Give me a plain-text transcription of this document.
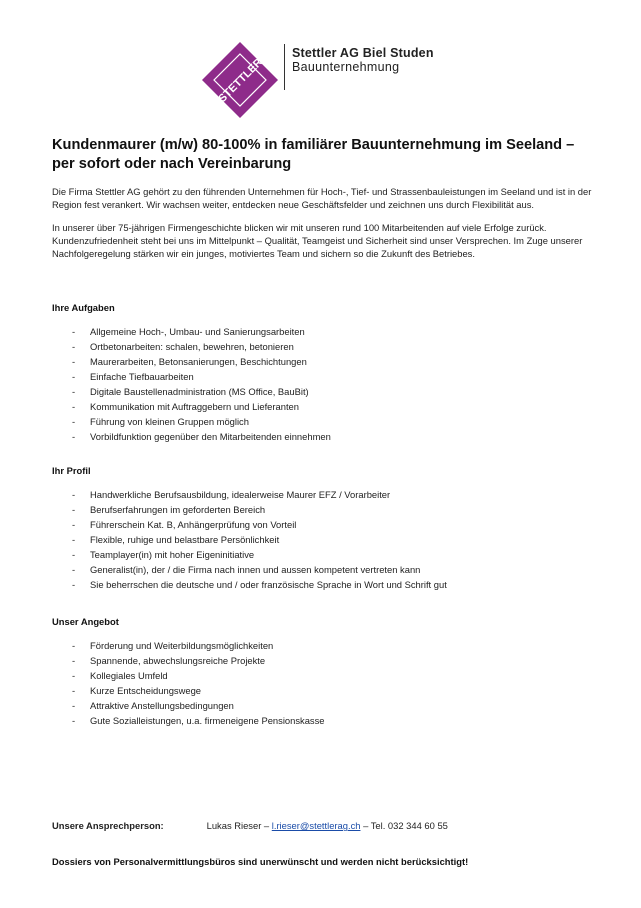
STETTLER
Stettler AG Biel Studen
Bauunternehmung
Kundenmaurer (m/w) 80-100% in familiärer Bauunternehmung im Seeland – per sofort oder nach Vereinbarung

Die Firma Stettler AG gehört zu den führenden Unternehmen für Hoch-, Tief- und Strassenbauleistungen im Seeland und ist in der Region fest verankert. Wir wachsen weiter, entdecken neue Geschäftsfelder und zeichnen uns durch Flexibilität aus.

In unserer über 75-jährigen Firmengeschichte blicken wir mit unseren rund 100 Mitarbeitenden auf viele Erfolge zurück. Kundenzufriedenheit steht bei uns im Mittelpunkt – Qualität, Teamgeist und Sicherheit sind unser Versprechen. Im Zuge unserer Nachfolgeregelung stärken wir ein junges, motiviertes Team und sichern so die Zukunft des Betriebes.

Ihre Aufgaben
- Allgemeine Hoch-, Umbau- und Sanierungsarbeiten
- Ortbetonarbeiten: schalen, bewehren, betonieren
- Maurerarbeiten, Betonsanierungen, Beschichtungen
- Einfache Tiefbauarbeiten
- Digitale Baustellenadministration (MS Office, BauBit)
- Kommunikation mit Auftraggebern und Lieferanten
- Führung von kleinen Gruppen möglich
- Vorbildfunktion gegenüber den Mitarbeitenden einnehmen
Ihr Profil
- Handwerkliche Berufsausbildung, idealerweise Maurer EFZ / Vorarbeiter
- Berufserfahrungen im geforderten Bereich
- Führerschein Kat. B, Anhängerprüfung von Vorteil
- Flexible, ruhige und belastbare Persönlichkeit
- Teamplayer(in) mit hoher Eigeninitiative
- Generalist(in), der / die Firma nach innen und aussen kompetent vertreten kann
- Sie beherrschen die deutsche und / oder französische Sprache in Wort und Schrift gut
Unser Angebot
- Förderung und Weiterbildungsmöglichkeiten
- Spannende, abwechslungsreiche Projekte
- Kollegiales Umfeld
- Kurze Entscheidungswege
- Attraktive Anstellungsbedingungen
- Gute Sozialleistungen, u.a. firmeneigene Pensionskasse
Unsere Ansprechperson:	Lukas Rieser – l.rieser@stettlerag.ch – Tel. 032 344 60 55
Dossiers von Personalvermittlungsbüros sind unerwünscht und werden nicht berücksichtigt!
